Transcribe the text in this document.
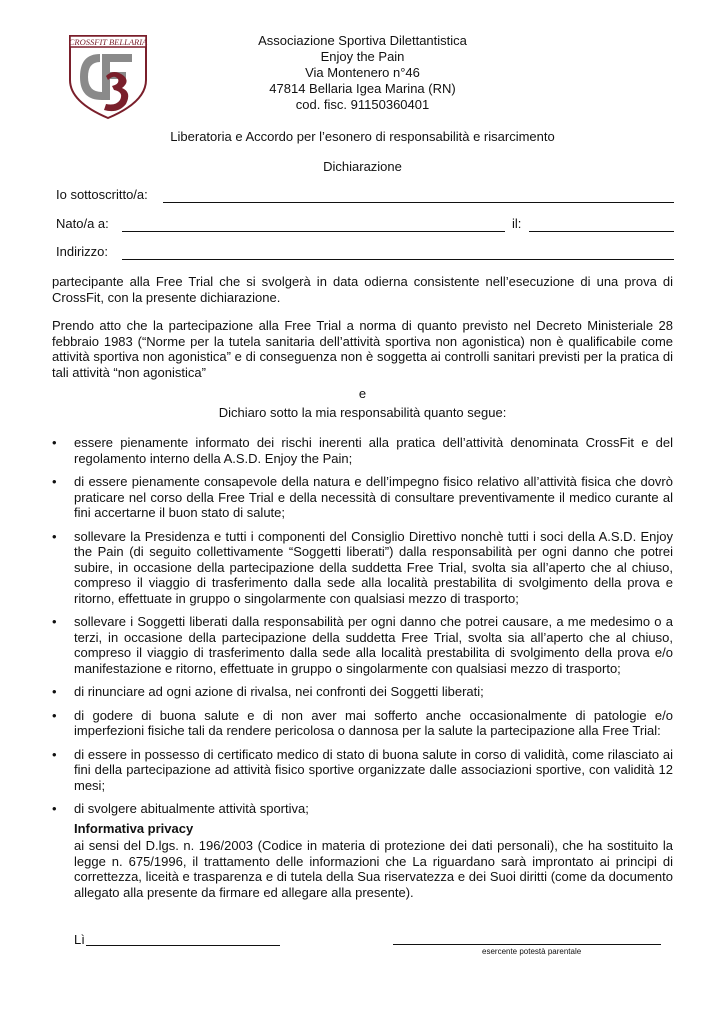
CROSSFIT BELLARIA	Associazione Sportiva Dilettantistica
Enjoy the Pain
Via Montenero n°46
47814 Bellaria Igea Marina (RN)
cod. fisc. 91150360401
Liberatoria e Accordo per l’esonero di responsabilità e risarcimento
Dichiarazione
Io sottoscritto/a:
Nato/a a:	il:
Indirizzo:

partecipante alla Free Trial che si svolgerà in data odierna consistente nell’esecuzione di una prova di CrossFit, con la presente dichiarazione.

Prendo atto che la partecipazione alla Free Trial a norma di quanto previsto nel Decreto Ministeriale 28 febbraio 1983 (“Norme per la tutela sanitaria dell’attività sportiva non agonistica) non è qualificabile come attività sportiva non agonistica” e di conseguenza non è soggetta ai controlli sanitari previsti per la pratica di tali attività “non agonistica”

e
Dichiaro sotto la mia responsabilità quanto segue:
• essere pienamente informato dei rischi inerenti alla pratica dell’attività denominata CrossFit e del regolamento interno della A.S.D. Enjoy the Pain;
• di essere pienamente consapevole della natura e dell’impegno fisico relativo all’attività fisica che dovrò praticare nel corso della Free Trial e della necessità di consultare preventivamente il medico curante al fini accertarne il buon stato di salute;
• sollevare la Presidenza e tutti i componenti del Consiglio Direttivo nonchè tutti i soci della A.S.D. Enjoy the Pain (di seguito collettivamente “Soggetti liberati”) dalla responsabilità per ogni danno che potrei subire, in occasione della partecipazione della suddetta Free Trial, svolta sia all’aperto che al chiuso, compreso il viaggio di trasferimento dalla sede alla località prestabilita di svolgimento della prova e ritorno, effettuate in gruppo o singolarmente con qualsiasi mezzo di trasporto;
• sollevare i Soggetti liberati dalla responsabilità per ogni danno che potrei causare, a me medesimo o a terzi, in occasione della partecipazione della suddetta Free Trial, svolta sia all’aperto che al chiuso, compreso il viaggio di trasferimento dalla sede alla località prestabilita di svolgimento della prova e/o manifestazione e ritorno, effettuate in gruppo o singolarmente con qualsiasi mezzo di trasporto;
• di rinunciare ad ogni azione di rivalsa, nei confronti dei Soggetti liberati;
• di godere di buona salute e di non aver mai sofferto anche occasionalmente di patologie e/o imperfezioni fisiche tali da rendere pericolosa o dannosa per la salute la partecipazione alla Free Trial:
• di essere in possesso di certificato medico di stato di buona salute in corso di validità, come rilasciato ai fini della partecipazione ad attività fisico sportive organizzate dalle associazioni sportive, con validità 12 mesi;
• di svolgere abitualmente attività sportiva;
Informativa privacy

ai sensi del D.lgs. n. 196/2003 (Codice in materia di protezione dei dati personali), che ha sostituito la legge n. 675/1996, il trattamento delle informazioni che La riguardano sarà improntato ai principi di correttezza, liceità e trasparenza e di tutela della Sua riservatezza e dei Suoi diritti (come da documento allegato alla presente da firmare ed allegare alla presente).

Lì
esercente potestà parentale
